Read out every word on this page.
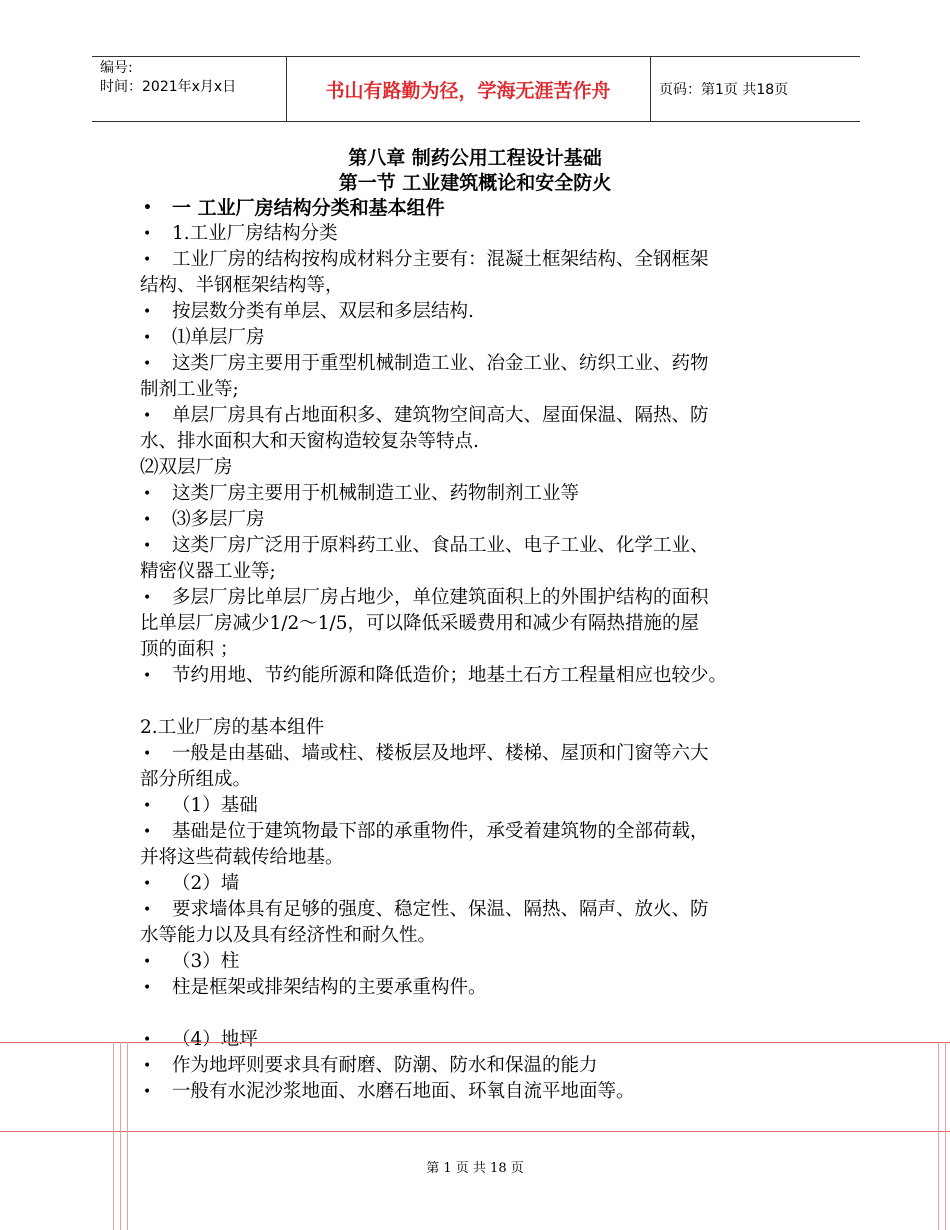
编号:
时间：2021年x月x日	书山有路勤为径，学海无涯苦作舟	页码：第1页 共18页
第八章 制药公用工程设计基础
第一节 工业建筑概论和安全防火
• 一 工业厂房结构分类和基本组件
• 1.工业厂房结构分类
• 工业厂房的结构按构成材料分主要有：混凝土框架结构、全钢框架
结构、半钢框架结构等，
• 按层数分类有单层、双层和多层结构.
• ⑴单层厂房
• 这类厂房主要用于重型机械制造工业、冶金工业、纺织工业、药物
制剂工业等;
• 单层厂房具有占地面积多、建筑物空间高大、屋面保温、隔热、防
水、排水面积大和天窗构造较复杂等特点.
⑵双层厂房
• 这类厂房主要用于机械制造工业、药物制剂工业等
• ⑶多层厂房
• 这类厂房广泛用于原料药工业、食品工业、电子工业、化学工业、
精密仪器工业等;
• 多层厂房比单层厂房占地少，单位建筑面积上的外围护结构的面积
比单层厂房减少1/2～1/5，可以降低采暖费用和减少有隔热措施的屋
顶的面积 ；
• 节约用地、节约能所源和降低造价；地基土石方工程量相应也较少。
2.工业厂房的基本组件
• 一般是由基础、墙或柱、楼板层及地坪、楼梯、屋顶和门窗等六大
部分所组成。
• （1）基础
• 基础是位于建筑物最下部的承重物件，承受着建筑物的全部荷载，
并将这些荷载传给地基。
• （2）墙
• 要求墙体具有足够的强度、稳定性、保温、隔热、隔声、放火、防
水等能力以及具有经济性和耐久性。
• （3）柱
• 柱是框架或排架结构的主要承重构件。
• （4）地坪
• 作为地坪则要求具有耐磨、防潮、防水和保温的能力
• 一般有水泥沙浆地面、水磨石地面、环氧自流平地面等。
第 1 页 共 18 页
